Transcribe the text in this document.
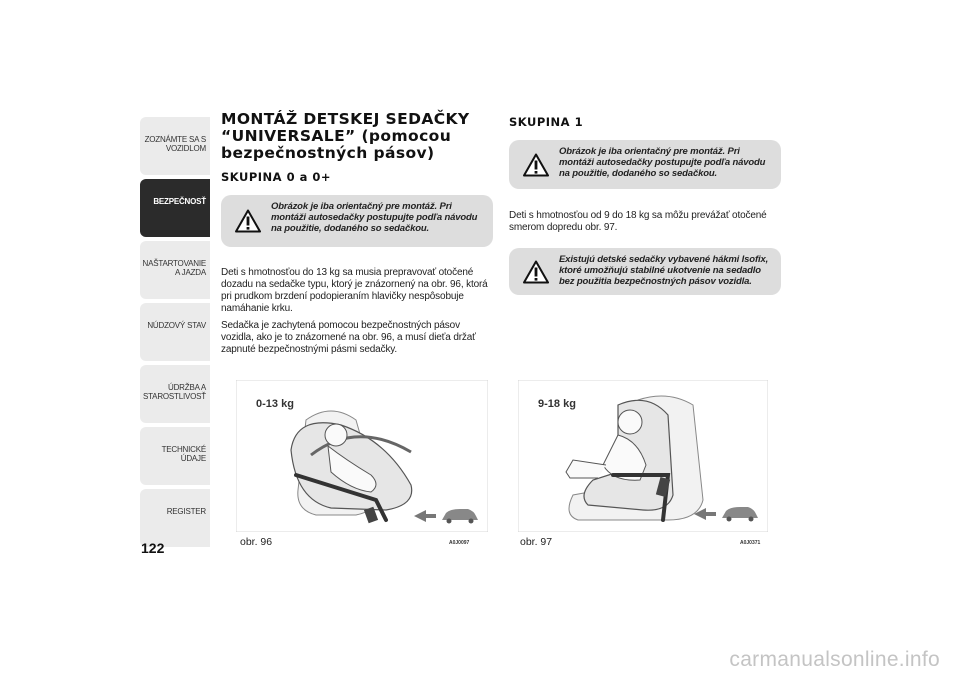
ZOZNÁMTE SA S VOZIDLOM
BEZPEČNOSŤ
NAŠTARTOVANIE A JAZDA
NÚDZOVÝ STAV
ÚDRŽBA A STAROSTLIVOSŤ
TECHNICKÉ ÚDAJE
REGISTER
122
MONTÁŽ DETSKEJ SEDAČKY “UNIVERSALE” (pomocou bezpečnostných pásov)
SKUPINA 0 a 0+
Obrázok je iba orientačný pre montáž. Pri montáži autosedačky postupujte podľa návodu na použitie, dodaného so sedačkou.

Deti s hmotnosťou do 13 kg sa musia prepravovať otočené dozadu na sedačke typu, ktorý je znázornený na obr. 96, ktorá pri prudkom brzdení podopieraním hlavičky nespôsobuje namáhanie krku.

Sedačka je zachytená pomocou bezpečnostných pásov vozidla, ako je to znázornené na obr. 96, a musí dieťa držať zapnuté bezpečnostnými pásmi sedačky.

0-13 kg
obr. 96	A0J0097
SKUPINA 1
Obrázok je iba orientačný pre montáž. Pri montáži autosedačky postupujte podľa návodu na použitie, dodaného so sedačkou.

Deti s hmotnosťou od 9 do 18 kg sa môžu prevážať otočené smerom dopredu obr. 97.

Existujú detské sedačky vybavené hákmi Isofix, ktoré umožňujú stabilné ukotvenie na sedadlo bez použitia bezpečnostných pásov vozidla.
9-18 kg
obr. 97	A0J0371
carmanualsonline.info
